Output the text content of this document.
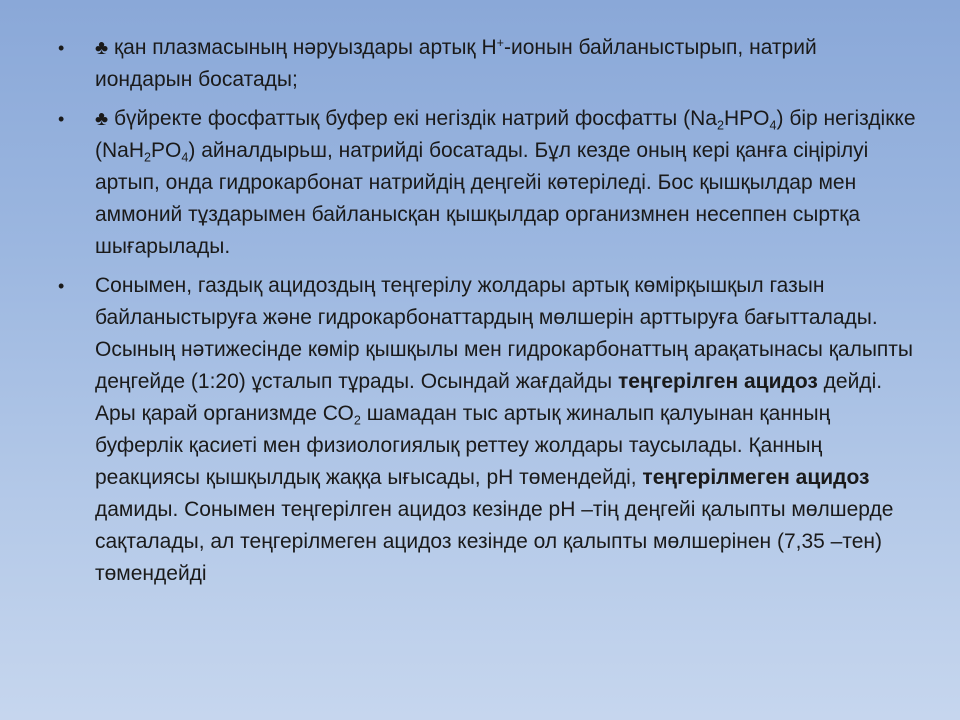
• ♣ қан плазмасының нәруыздары артық Н+-ионын байланыстырып, натрий иондарын босатады;
• ♣ бүйректе фосфаттық буфер екі негіздік натрий фосфатты $(Na_2HPO_4)$ бір негіздікке $(NaH_2PO_4)$ айналдырьш, натрийді босатады. Бұл кезде оның кері қанға сіңірілуі артып, онда гидрокарбонат натрийдің деңгейі көтеріледі. Бос қышқылдар мен аммоний тұздарымен байланысқан қышқылдар организмнен несеппен сыртқа шығарылады.
• Сонымен, газдық ацидоздың теңгерілу жолдары артық көмірқышқыл газын байланыстыруға және гидрокарбонаттардың мөлшерін арттыруға бағытталады. Осының нәтижесінде көмір қышқылы мен гидрокарбонаттың арақатынасы қалыпты деңгейде (1:20) ұсталып тұрады. Осындай жағдайды теңгерілген ацидоз дейді. Ары қарай организмде $СО_2$ шамадан тыс артық жиналып қалуынан қанның буферлік қасиеті мен физиологиялық реттеу жолдары таусылады. Қанның реакциясы қышқылдық жаққа ығысады, рН төмендейді, теңгерілмеген ацидоз дамиды. Сонымен теңгерілген ацидоз кезінде рН –тің деңгейі қалыпты мөлшерде сақталады, ал теңгерілмеген ацидоз кезінде ол қалыпты мөлшерінен (7,35 –тен) төмендейді
